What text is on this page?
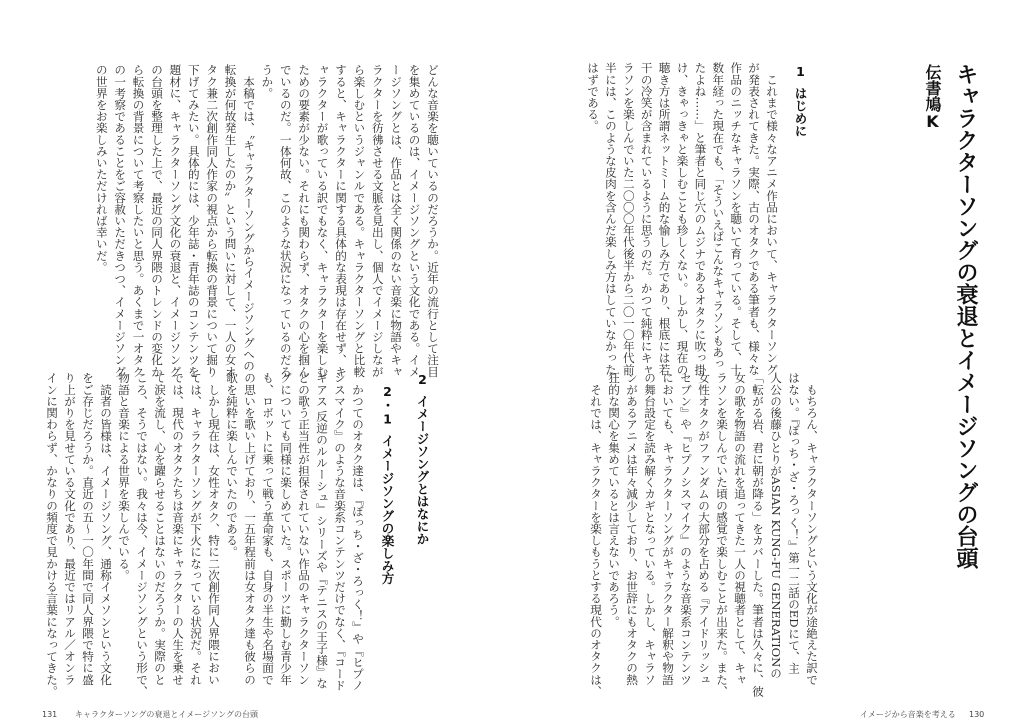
キャラクターソングの衰退とイメージソングの台頭
伝書鳩K
1はじめに
2イメージソングとはなにか
2・1イメージソングの楽しみ方
　これまで様々なアニメ作品において、キャラクターソング
が発表されてきた。実際、古のオタクである筆者も、様々な
作品のニッチなキャラソンを聴いて育っている。そして、十
数年経った現在でも、「そういえばこんなキャラソンもあっ
たよね……」と筆者と同じ穴のムジナであるオタクに吹っ掛
け、きゃっきゃと楽しむことも珍しくない。しかし、現在の
聴き方は所謂ネットミーム的な愉しみ方であり、根底には若
干の冷笑が含まれているように思うのだ。かつて純粋にキャ
ラソンを楽しんでいた二〇〇〇年代後半から二〇一〇年代前
半には、このような皮肉を含んだ楽しみ方はしていなかった
はずである。
　もちろん、キャラクターソングという文化が途絶えた訳で
はない。『ぼっち・ざ・ろっく！』第一二話のEDにて、主
人公の後藤ひとりがASIAN KUNG-FU GENERATIONの
「転がる岩、君に朝が降る」をカバーした。筆者は久々に、彼
女の歌を物語の流れを追ってきた一人の視聴者として、キャ
ラソンを楽しんでいた頃の感覚で楽しむことが出来た。また、
女性オタクがファンダムの大部分を占める『アイドリッシュ
セブン』や『ヒプノシスマイク』のような音楽系コンテンツ
においても、キャラクターソングがキャラクター解釈や物語
の舞台設定を読み解くカギとなっている。しかし、キャラソ
ンがあるアニメは年々減少しており、お世辞にもオタクの熱
狂的な関心を集めているとは言えないであろう。
　それでは、キャラクターを楽しもうとする現代のオタクは、
どんな音楽を聴いているのだろうか。近年の流行として注目
を集めているのは、イメージソングという文化である。イメ
ージソングとは、作品とは全く関係のない音楽に物語やキャ
ラクターを彷彿させる文脈を見出し、個人でイメージしなが
ら楽しむというジャンルである。キャラクターソングと比較
すると、キャラクターに関する具体的な表現は存在せず、キ
ャラクターが歌っている訳でもなく、キャラクターを楽しむ
ための要素が少ない。それにも関わらず、オタクの心を掴ん
でいるのだ。一体何故、このような状況になっているのだろ
うか。
　本稿では、〝キャラクターソングからイメージソングへの
転換が何故発生したのか〟という問いに対して、一人の女オ
タク兼二次創作同人作家の視点から転換の背景について掘り
下げてみたい。具体的には、少年誌・青年誌のコンテンツを
題材に、キャラクターソング文化の衰退と、イメージソング
の台頭を整理した上で、最近の同人界隈のトレンドの変化か
ら転換の背景について考察したいと思う。あくまで一オタク
の一考察であることをご容赦いただきつつ、イメージソング
の世界をお楽しみいただければ幸いだ。
　かつてのオタク達は、『ぼっち・ざ・ろっく！』や『ヒプノ
シスマイク』のような音楽系コンテンツだけでなく、『コード
ギアス 反逆のルルーシュ』シリーズや『テニスの王子様』な
どの歌う正当性が担保されていない作品のキャラクターソン
グについても同様に楽しめていた。スポーツに勤しむ青少年
も、ロボットに乗って戦う革命家も、自身の半生や名場面で
の思いを歌い上げており、一五年程前は女オタク達も彼らの
歌を純粋に楽しんでいたのである。
　しかし現在は、女性オタク、特に二次創作同人界隈におい
ては、キャラクターソングが下火になっている状況だ。それ
では、現代のオタクたちは音楽にキャラクターの人生を乗せ
て涙を流し、心を躍らせることはないのだろうか。実際のと
ころ、そうではない。我々は今、イメージソングという形で、
物語と音楽による世界を楽しんでいる。
　読者の皆様は、イメージソング、通称イメソンという文化
をご存じだろうか。直近の五〜一〇年間で同人界隈で特に盛
り上がりを見せている文化であり、最近ではリアル／オンラ
インに関わらず、かなりの頻度で見かける言葉になってきた。
131 キャラクターソングの衰退とイメージソングの台頭	イメージから音楽を考える 130
